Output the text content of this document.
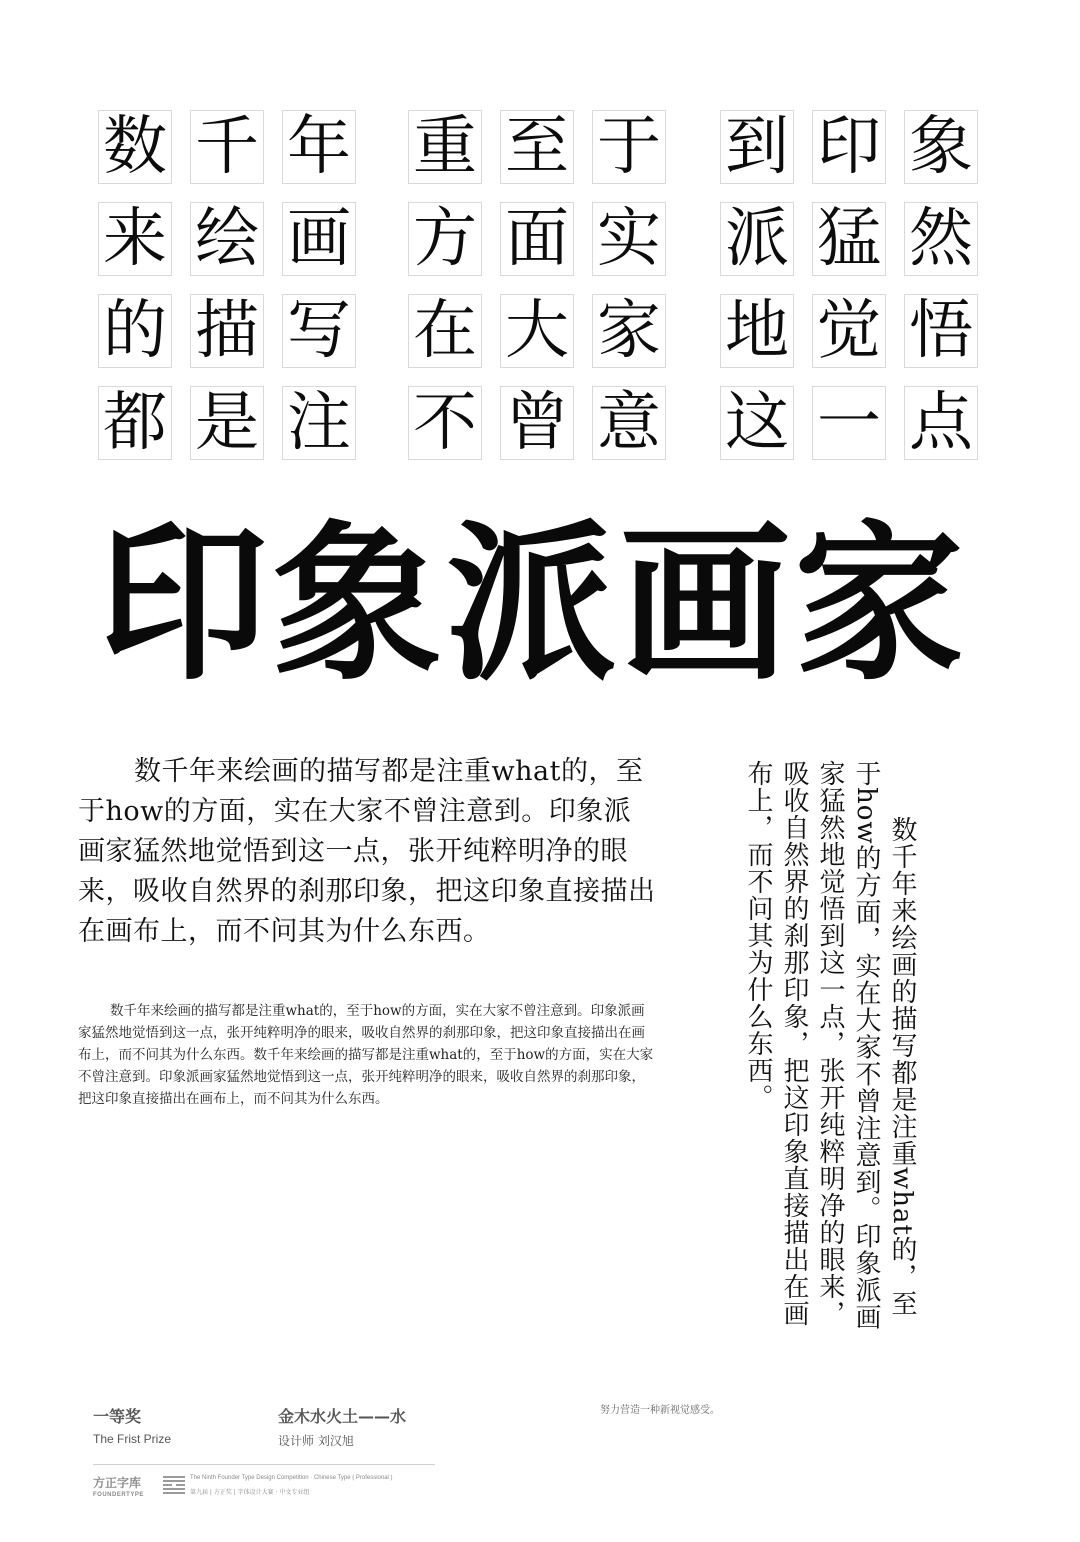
数 千 年 重 至 于 到 印 象
来 绘 画 方 面 实 派 猛 然
的 描 写 在 大 家 地 觉 悟
都 是 注 不 曾 意 这 一 点
印象派画家
数千年来绘画的描写都是注重what的，至于how的方面，实在大家不曾注意到。印象派画家猛然地觉悟到这一点，张开纯粹明净的眼来，吸收自然界的刹那印象，把这印象直接描出在画布上，而不问其为什么东西。
数千年来绘画的描写都是注重what的，至于how的方面，实在大家不曾注意到。印象派画家猛然地觉悟到这一点，张开纯粹明净的眼来，吸收自然界的刹那印象，把这印象直接描出在画布上，而不问其为什么东西。数千年来绘画的描写都是注重what的，至于how的方面，实在大家不曾注意到。印象派画家猛然地觉悟到这一点，张开纯粹明净的眼来，吸收自然界的刹那印象，把这印象直接描出在画布上，而不问其为什么东西。	数千年来绘画的描写都是注重what的，至于how的方面，实在大家不曾注意到。印象派画家猛然地觉悟到这一点，张开纯粹明净的眼来，吸收自然界的刹那印象，把这印象直接描出在画布上，而不问其为什么东西。
一等奖
The Frist Prize
金木水火土——水
设计师 刘汉旭
努力营造一种新视觉感受。
方正字库
FOUNDERTYPE
The Ninth Founder Type Design Competition · Chinese Type ( Professional )
第九届 | 方正奖 | 字体设计大赛 · 中文专业组
